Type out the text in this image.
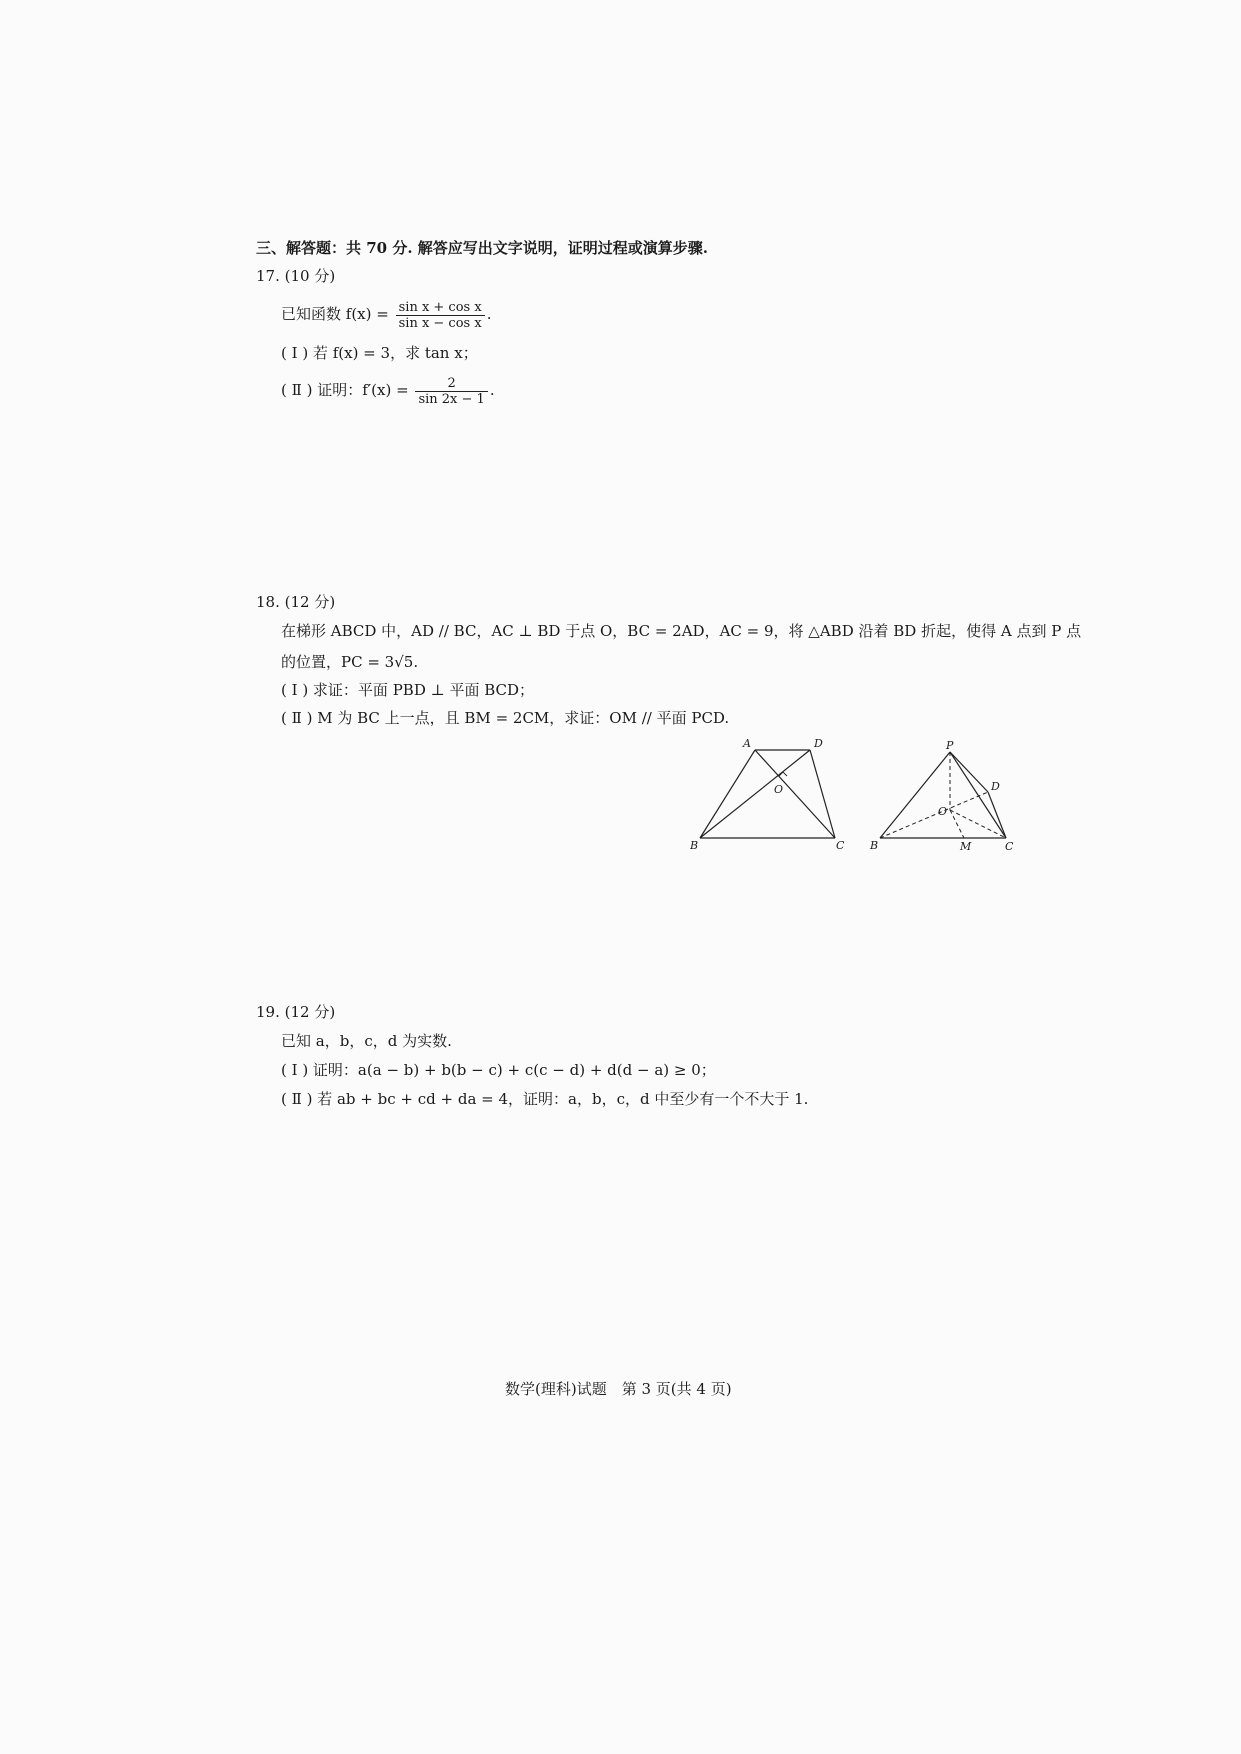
三、解答题：共 70 分. 解答应写出文字说明，证明过程或演算步骤.
17. (10 分)
已知函数 $f(x) = \frac{\text{sin x + cos x}}{\text{sin x − cos x}}$ .
( Ⅰ ) 若 f(x) = 3，求 tan x；
( Ⅱ ) 证明：$f'(x) = \frac{2}{\sin 2x - 1}$ .
18. (12 分)
在梯形 ABCD 中，AD // BC，AC ⊥ BD 于点 O，BC = 2AD，AC = 9，将 △ABD 沿着 BD 折起，使得 A 点到 P 点
的位置，PC = 3√5.
( Ⅰ ) 求证：平面 PBD ⊥ 平面 BCD；
( Ⅱ ) M 为 BC 上一点，且 BM = 2CM，求证：OM // 平面 PCD.
A	D
O
B	C
P
D
O
B	M	C
19. (12 分)
已知 a，b，c，d 为实数.
( Ⅰ ) 证明：a(a − b) + b(b − c) + c(c − d) + d(d − a) ≥ 0；
( Ⅱ ) 若 ab + bc + cd + da = 4，证明：a，b，c，d 中至少有一个不大于 1.
数学(理科)试题　第 3 页(共 4 页)
